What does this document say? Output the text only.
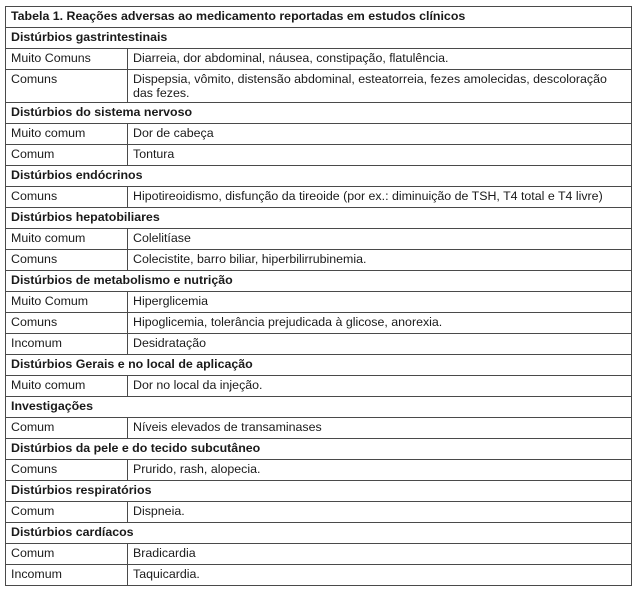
Tabela 1. Reações adversas ao medicamento reportadas em estudos clínicos	
Distúrbios gastrintestinais	
Muito Comuns	Diarreia, dor abdominal, náusea, constipação, flatulência.
Comuns	Dispepsia, vômito, distensão abdominal, esteatorreia, fezes amolecidas, descoloração das fezes.
Distúrbios do sistema nervoso	
Muito comum	Dor de cabeça
Comum	Tontura
Distúrbios endócrinos	
Comuns	Hipotireoidismo, disfunção da tireoide (por ex.: diminuição de TSH, T4 total e T4 livre)
Distúrbios hepatobiliares	
Muito comum	Colelitíase
Comuns	Colecistite, barro biliar, hiperbilirrubinemia.
Distúrbios de metabolismo e nutrição	
Muito Comum	Hiperglicemia
Comuns	Hipoglicemia, tolerância prejudicada à glicose, anorexia.
Incomum	Desidratação
Distúrbios Gerais e no local de aplicação	
Muito comum	Dor no local da injeção.
Investigações	
Comum	Níveis elevados de transaminases
Distúrbios da pele e do tecido subcutâneo	
Comuns	Prurido, rash, alopecia.
Distúrbios respiratórios	
Comum	Dispneia.
Distúrbios cardíacos	
Comum	Bradicardia
Incomum	Taquicardia.
